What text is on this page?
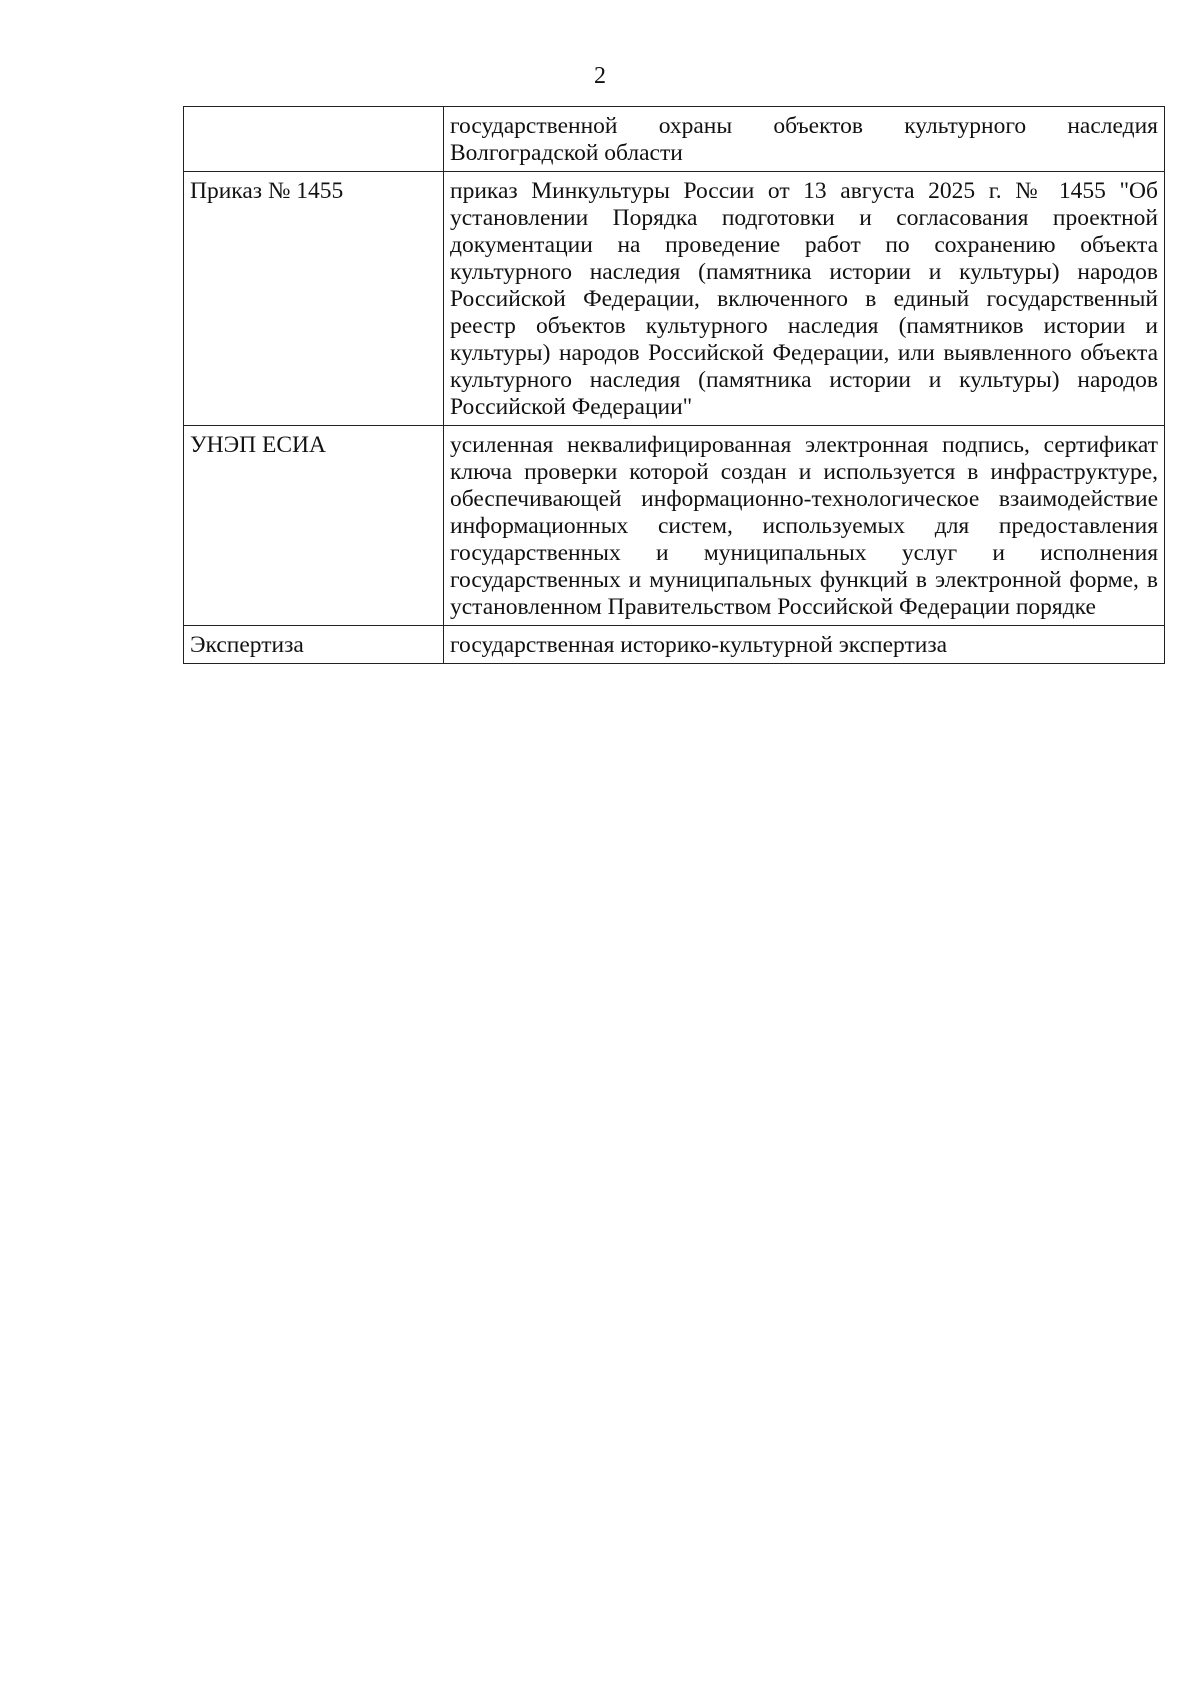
2
	государственной охраны объектов культурного наследия Волгоградской области
Приказ № 1455	приказ Минкультуры России от 13 августа 2025 г. № 1455 "Об установлении Порядка подготовки и согласования проектной документации на проведение работ по сохранению объекта культурного наследия (памятника истории и культуры) народов Российской Федерации, включенного в единый государственный реестр объектов культурного наследия (памятников истории и культуры) народов Российской Федерации, или выявленного объекта культурного наследия (памятника истории и культуры) народов Российской Федерации"
УНЭП ЕСИА	усиленная неквалифицированная электронная подпись, сертификат ключа проверки которой создан и используется в инфраструктуре, обеспечивающей информационно-технологическое взаимодействие информационных систем, используемых для предоставления государственных и муниципальных услуг и исполнения государственных и муниципальных функций в электронной форме, в установленном Правительством Российской Федерации порядке
Экспертиза	государственная историко-культурной экспертиза
